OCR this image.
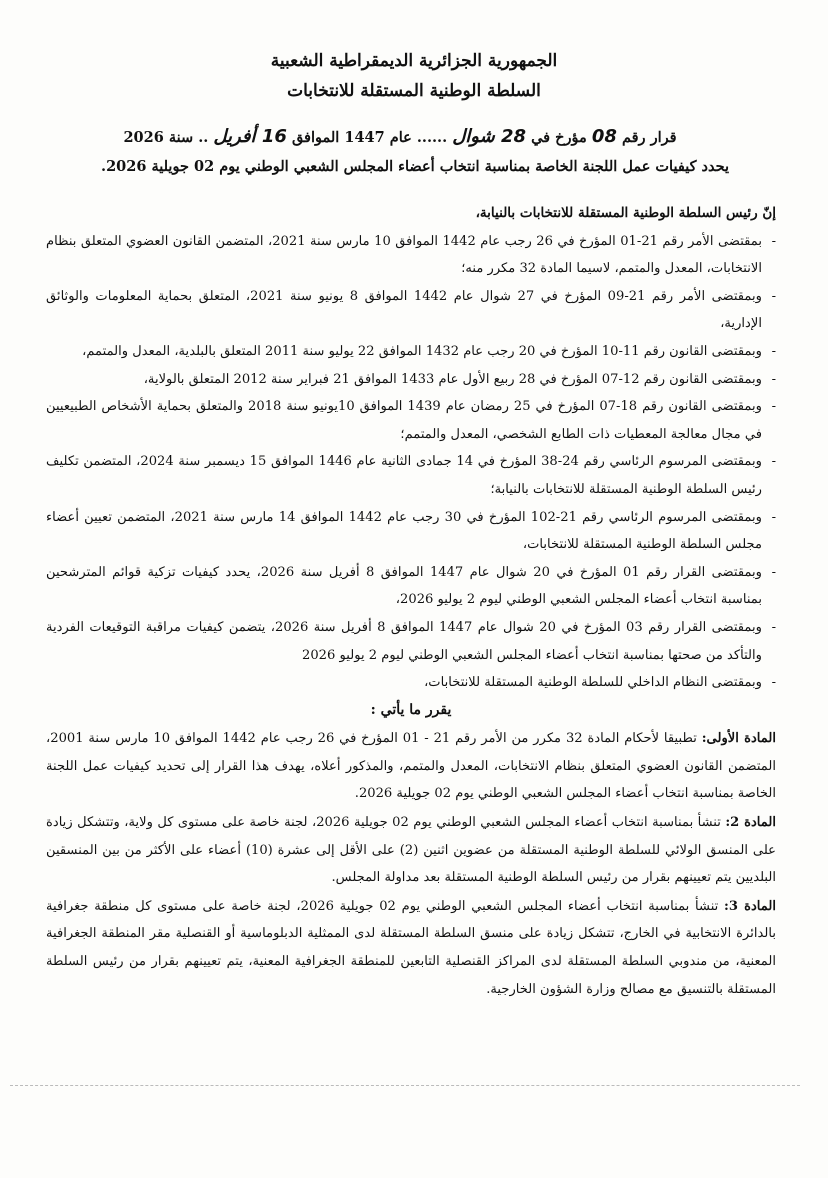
الجمهورية الجزائرية الديمقراطية الشعبية
السلطة الوطنية المستقلة للانتخابات
قرار رقم 08 مؤرخ في 28 شوال ...... عام 1447 الموافق 16 أفريل .. سنة 2026
يحدد كيفيات عمل اللجنة الخاصة بمناسبة انتخاب أعضاء المجلس الشعبي الوطني يوم 02 جويلية 2026.
إنّ رئيس السلطة الوطنية المستقلة للانتخابات بالنيابة،
- بمقتضى الأمر رقم 21-01 المؤرخ في 26 رجب عام 1442 الموافق 10 مارس سنة 2021، المتضمن القانون العضوي المتعلق بنظام الانتخابات، المعدل والمتمم، لاسيما المادة 32 مكرر منه؛
- وبمقتضى الأمر رقم 21-09 المؤرخ في 27 شوال عام 1442 الموافق 8 يونيو سنة 2021، المتعلق بحماية المعلومات والوثائق الإدارية،
- وبمقتضى القانون رقم 11-10 المؤرخ في 20 رجب عام 1432 الموافق 22 يوليو سنة 2011 المتعلق بالبلدية، المعدل والمتمم،
- وبمقتضى القانون رقم 12-07 المؤرخ في 28 ربيع الأول عام 1433 الموافق 21 فبراير سنة 2012 المتعلق بالولاية،
- وبمقتضى القانون رقم 18-07 المؤرخ في 25 رمضان عام 1439 الموافق 10يونيو سنة 2018 والمتعلق بحماية الأشخاص الطبيعيين في مجال معالجة المعطيات ذات الطابع الشخصي، المعدل والمتمم؛
- وبمقتضى المرسوم الرئاسي رقم 24-38 المؤرخ في 14 جمادى الثانية عام 1446 الموافق 15 ديسمبر سنة 2024، المتضمن تكليف رئيس السلطة الوطنية المستقلة للانتخابات بالنيابة؛
- وبمقتضى المرسوم الرئاسي رقم 21-102 المؤرخ في 30 رجب عام 1442 الموافق 14 مارس سنة 2021، المتضمن تعيين أعضاء مجلس السلطة الوطنية المستقلة للانتخابات،
- وبمقتضى القرار رقم 01 المؤرخ في 20 شوال عام 1447 الموافق 8 أفريل سنة 2026، يحدد كيفيات تزكية قوائم المترشحين بمناسبة انتخاب أعضاء المجلس الشعبي الوطني ليوم 2 يوليو 2026،
- وبمقتضى القرار رقم 03 المؤرخ في 20 شوال عام 1447 الموافق 8 أفريل سنة 2026، يتضمن كيفيات مراقبة التوقيعات الفردية والتأكد من صحتها بمناسبة انتخاب أعضاء المجلس الشعبي الوطني ليوم 2 يوليو 2026
- وبمقتضى النظام الداخلي للسلطة الوطنية المستقلة للانتخابات،
يقرر ما يأتي :
المادة الأولى: تطبيقا لأحكام المادة 32 مكرر من الأمر رقم 21 - 01 المؤرخ في 26 رجب عام 1442 الموافق 10 مارس سنة 2001، المتضمن القانون العضوي المتعلق بنظام الانتخابات، المعدل والمتمم، والمذكور أعلاه، يهدف هذا القرار إلى تحديد كيفيات عمل اللجنة الخاصة بمناسبة انتخاب أعضاء المجلس الشعبي الوطني يوم 02 جويلية 2026.
المادة 2: تنشأ بمناسبة انتخاب أعضاء المجلس الشعبي الوطني يوم 02 جويلية 2026، لجنة خاصة على مستوى كل ولاية، وتتشكل زيادة على المنسق الولائي للسلطة الوطنية المستقلة من عضوين اثنين (2) على الأقل إلى عشرة (10) أعضاء على الأكثر من بين المنسقين البلديين يتم تعيينهم بقرار من رئيس السلطة الوطنية المستقلة بعد مداولة المجلس.
المادة 3: تنشأ بمناسبة انتخاب أعضاء المجلس الشعبي الوطني يوم 02 جويلية 2026، لجنة خاصة على مستوى كل منطقة جغرافية بالدائرة الانتخابية في الخارج، تتشكل زيادة على منسق السلطة المستقلة لدى الممثلية الدبلوماسية أو القنصلية مقر المنطقة الجغرافية المعنية، من مندوبي السلطة المستقلة لدى المراكز القنصلية التابعين للمنطقة الجغرافية المعنية، يتم تعيينهم بقرار من رئيس السلطة المستقلة بالتنسيق مع مصالح وزارة الشؤون الخارجية.
